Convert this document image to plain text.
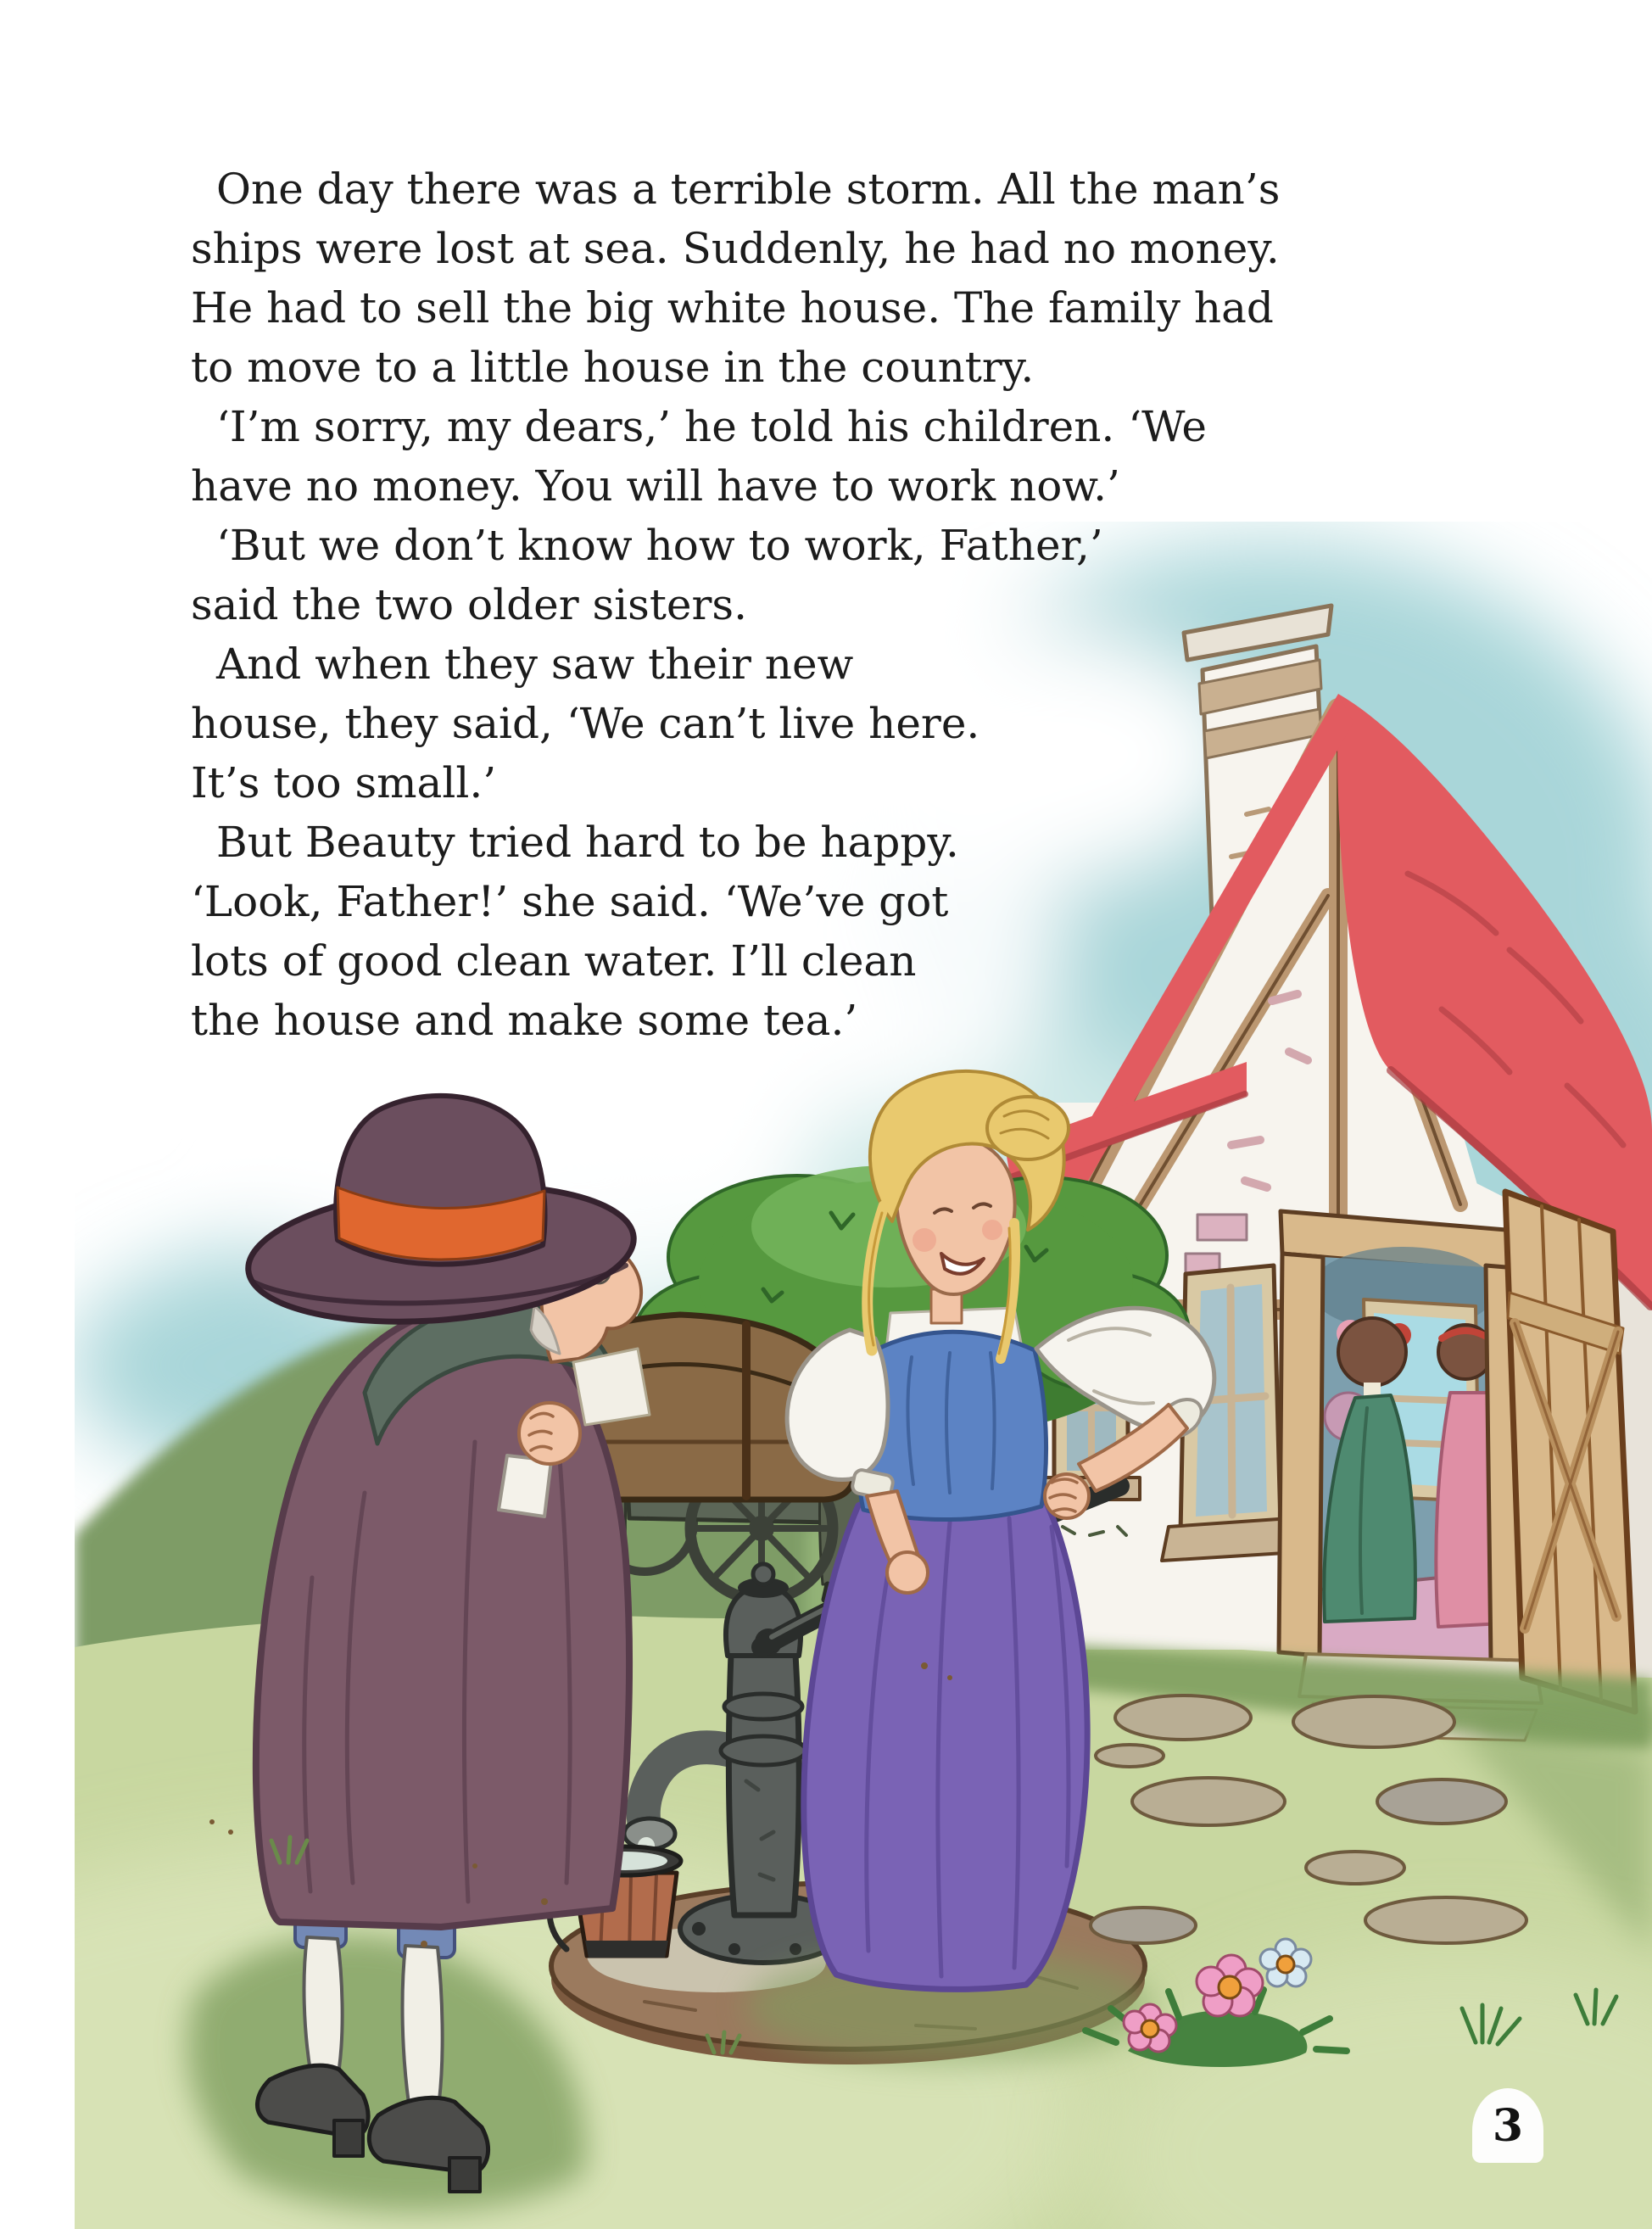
One day there was a terrible storm. All the man’s
ships were lost at sea. Suddenly, he had no money.
He had to sell the big white house. The family had
to move to a little house in the country.
‘I’m sorry, my dears,’ he told his children. ‘We
have no money. You will have to work now.’
‘But we don’t know how to work, Father,’
said the two older sisters.
And when they saw their new
house, they said, ‘We can’t live here.
It’s too small.’
But Beauty tried hard to be happy.
‘Look, Father!’ she said. ‘We’ve got
lots of good clean water. I’ll clean
the house and make some tea.’
3
